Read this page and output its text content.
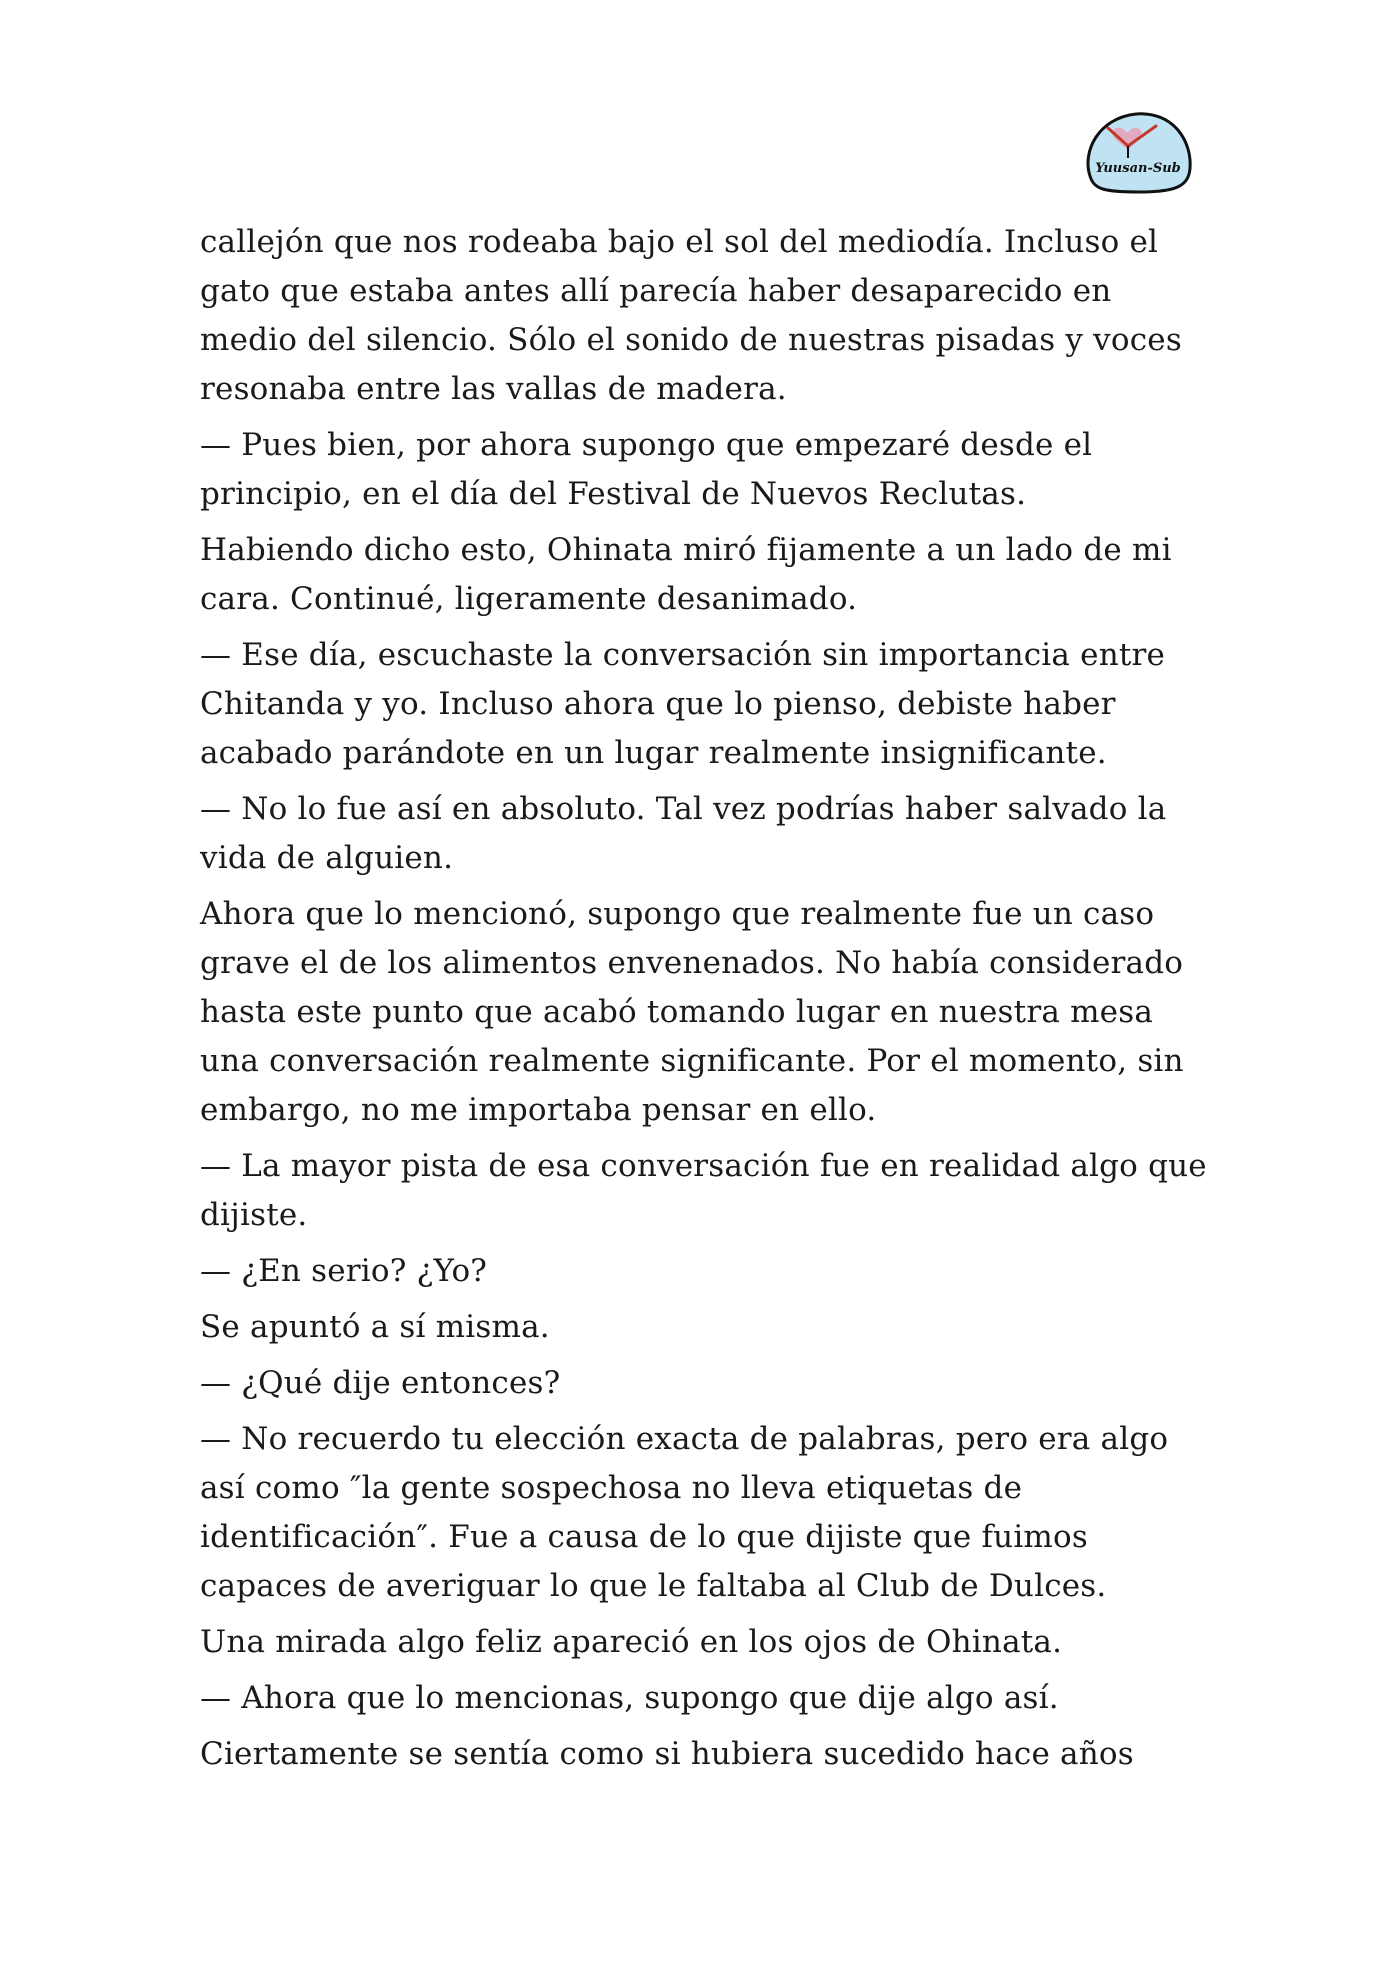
Yuusan-Sub

callejón que nos rodeaba bajo el sol del mediodía. Incluso el gato que estaba antes allí parecía haber desaparecido en medio del silencio. Sólo el sonido de nuestras pisadas y voces resonaba entre las vallas de madera.

— Pues bien, por ahora supongo que empezaré desde el principio, en el día del Festival de Nuevos Reclutas.

Habiendo dicho esto, Ohinata miró fijamente a un lado de mi cara. Continué, ligeramente desanimado.

— Ese día, escuchaste la conversación sin importancia entre Chitanda y yo. Incluso ahora que lo pienso, debiste haber acabado parándote en un lugar realmente insignificante.

— No lo fue así en absoluto. Tal vez podrías haber salvado la vida de alguien.

Ahora que lo mencionó, supongo que realmente fue un caso grave el de los alimentos envenenados. No había considerado hasta este punto que acabó tomando lugar en nuestra mesa una conversación realmente significante. Por el momento, sin embargo, no me importaba pensar en ello.

— La mayor pista de esa conversación fue en realidad algo que dijiste.

— ¿En serio? ¿Yo?

Se apuntó a sí misma.

— ¿Qué dije entonces?

— No recuerdo tu elección exacta de palabras, pero era algo así como ″la gente sospechosa no lleva etiquetas de identificación″. Fue a causa de lo que dijiste que fuimos capaces de averiguar lo que le faltaba al Club de Dulces.

Una mirada algo feliz apareció en los ojos de Ohinata.

— Ahora que lo mencionas, supongo que dije algo así.

Ciertamente se sentía como si hubiera sucedido hace años
